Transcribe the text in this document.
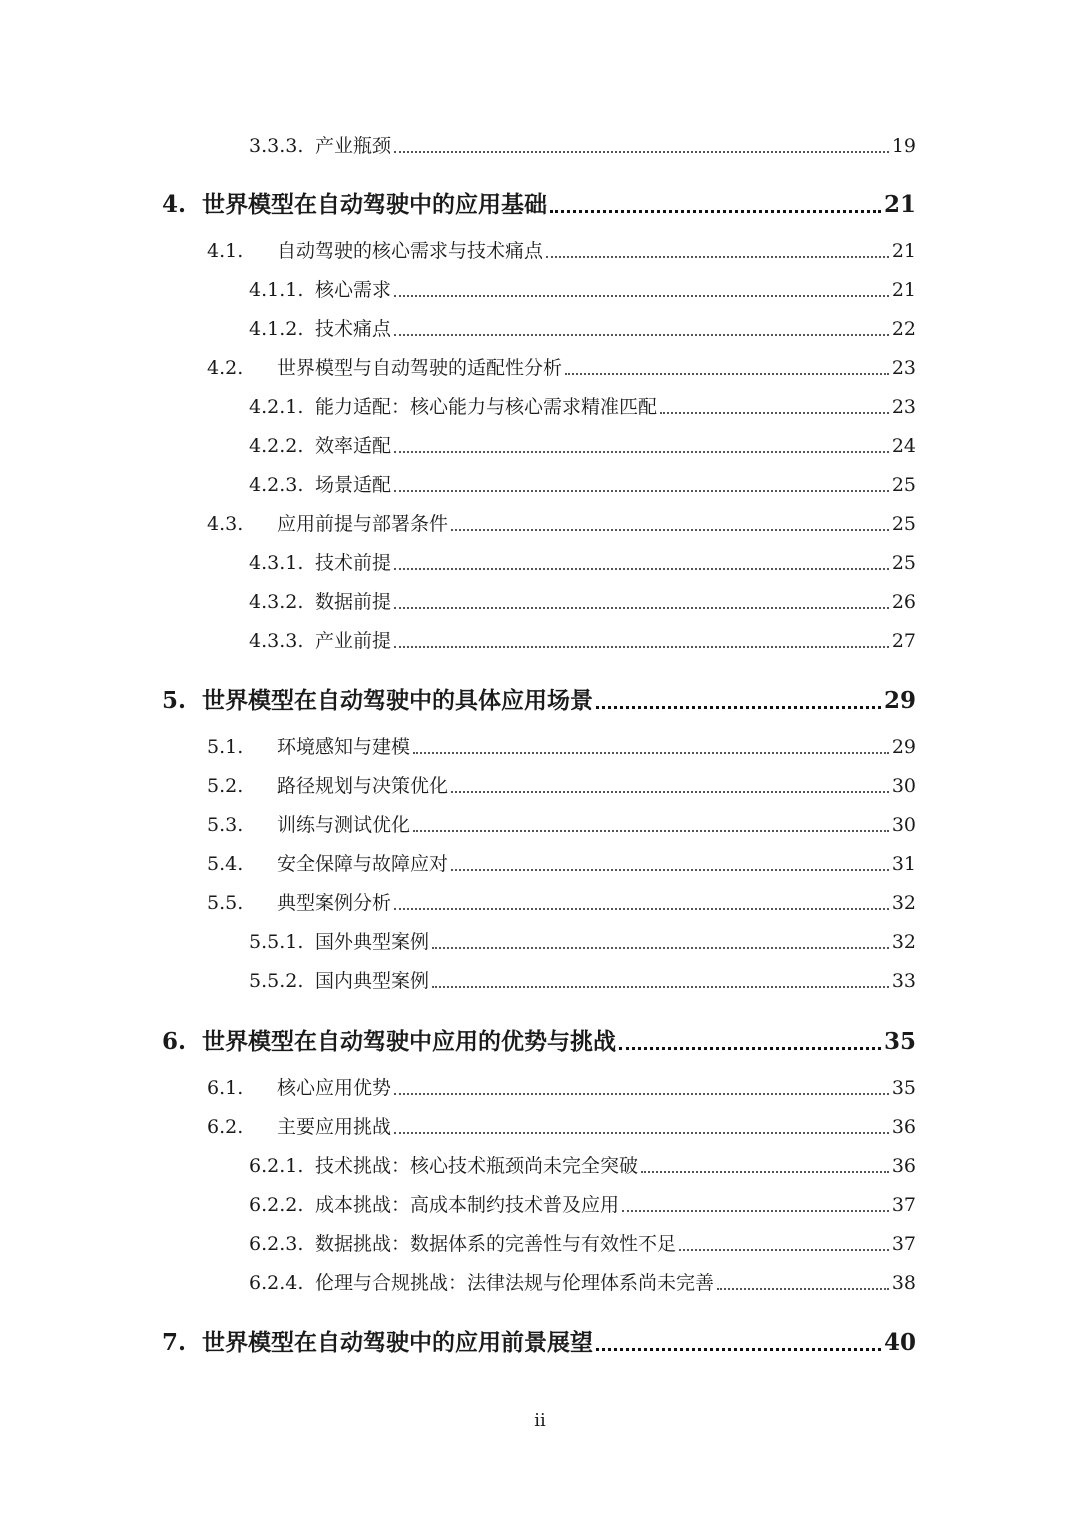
3.3.3. 产业瓶颈	19
4. 世界模型在自动驾驶中的应用基础	21
4.1.	自动驾驶的核心需求与技术痛点	21
4.1.1. 核心需求	21
4.1.2. 技术痛点	22
4.2.	世界模型与自动驾驶的适配性分析	23
4.2.1. 能力适配：核心能力与核心需求精准匹配	23
4.2.2. 效率适配	24
4.2.3. 场景适配	25
4.3.	应用前提与部署条件	25
4.3.1. 技术前提	25
4.3.2. 数据前提	26
4.3.3. 产业前提	27
5. 世界模型在自动驾驶中的具体应用场景	29
5.1.	环境感知与建模	29
5.2.	路径规划与决策优化	30
5.3.	训练与测试优化	30
5.4.	安全保障与故障应对	31
5.5.	典型案例分析	32
5.5.1. 国外典型案例	32
5.5.2. 国内典型案例	33
6. 世界模型在自动驾驶中应用的优势与挑战	35
6.1.	核心应用优势	35
6.2.	主要应用挑战	36
6.2.1. 技术挑战：核心技术瓶颈尚未完全突破	36
6.2.2. 成本挑战：高成本制约技术普及应用	37
6.2.3. 数据挑战：数据体系的完善性与有效性不足	37
6.2.4. 伦理与合规挑战：法律法规与伦理体系尚未完善	38
7. 世界模型在自动驾驶中的应用前景展望	40
ii
